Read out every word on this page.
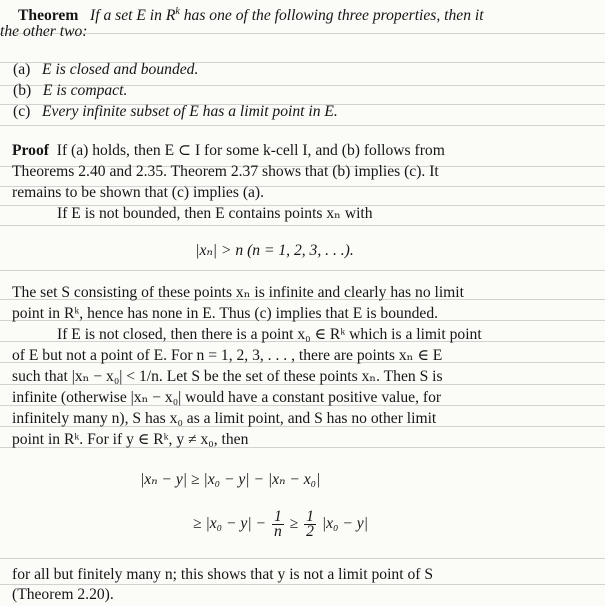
Theorem If a set E in $R^k$ has one of the following three properties, then it
the other two:
(a) E is closed and bounded.
(b) E is compact.
(c) Every infinite subset of E has a limit point in E.
Proof If (a) holds, then E ⊂ I for some k-cell I, and (b) follows from
Theorems 2.40 and 2.35. Theorem 2.37 shows that (b) implies (c). It
remains to be shown that (c) implies (a).
If E is not bounded, then E contains points xₙ with
|xₙ| > n (n = 1, 2, 3, . . .).
The set S consisting of these points xₙ is infinite and clearly has no limit
point in Rᵏ, hence has none in E. Thus (c) implies that E is bounded.
If E is not closed, then there is a point x₀ ∈ Rᵏ which is a limit point
of E but not a point of E. For n = 1, 2, 3, . . . , there are points xₙ ∈ E
such that |xₙ − x₀| < 1/n. Let S be the set of these points xₙ. Then S is
infinite (otherwise |xₙ − x₀| would have a constant positive value, for
infinitely many n), S has x₀ as a limit point, and S has no other limit
point in Rᵏ. For if y ∈ Rᵏ, y ≠ x₀, then
|xₙ − y| ≥ |x₀ − y| − |xₙ − x₀|
≥ $|x_0 - y| - \frac{1}{n} \ge \frac{1}{2} |x_0 - y|$
for all but finitely many n; this shows that y is not a limit point of S
(Theorem 2.20).
